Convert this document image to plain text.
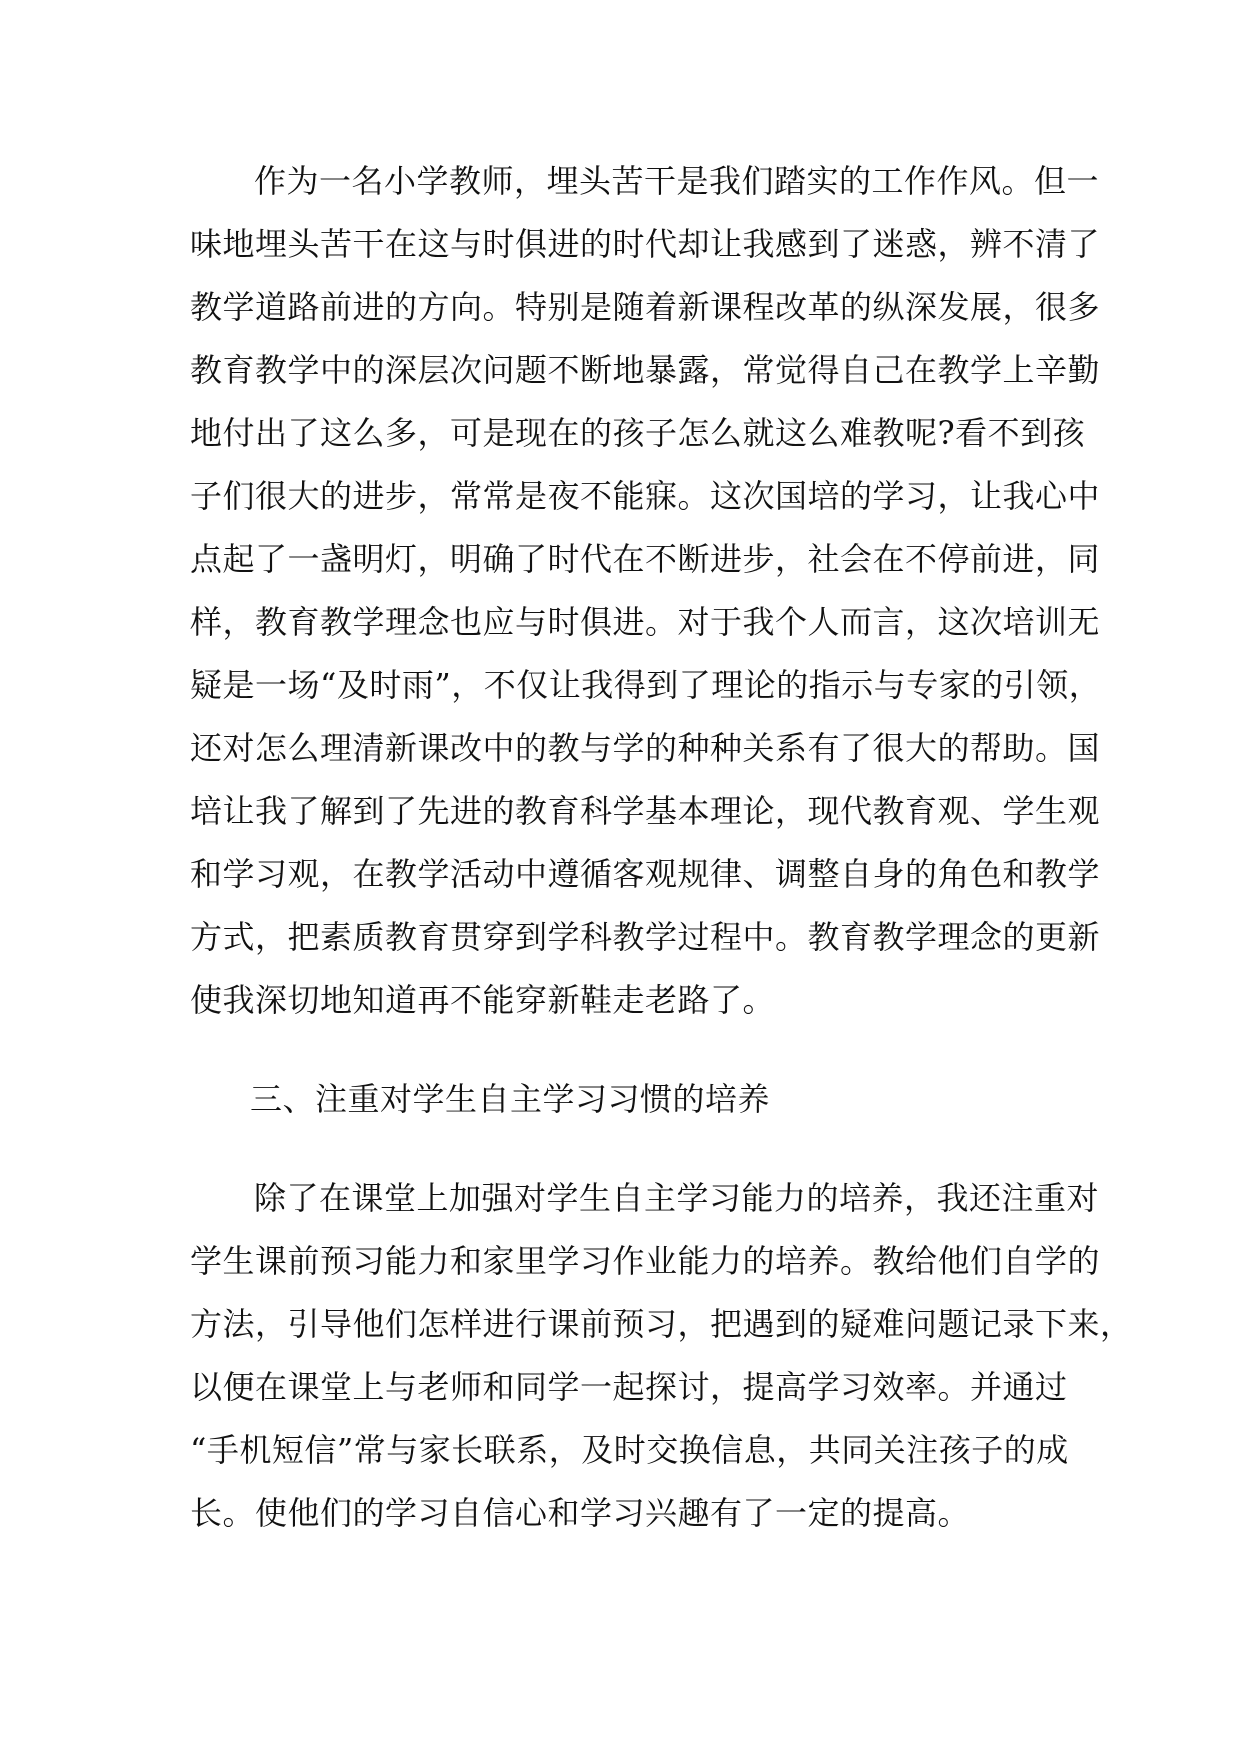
作为一名小学教师，埋头苦干是我们踏实的工作作风。但一
味地埋头苦干在这与时俱进的时代却让我感到了迷惑，辨不清了
教学道路前进的方向。特别是随着新课程改革的纵深发展，很多
教育教学中的深层次问题不断地暴露，常觉得自己在教学上辛勤
地付出了这么多，可是现在的孩子怎么就这么难教呢?看不到孩
子们很大的进步，常常是夜不能寐。这次国培的学习，让我心中
点起了一盏明灯，明确了时代在不断进步，社会在不停前进，同
样，教育教学理念也应与时俱进。对于我个人而言，这次培训无
疑是一场“及时雨”，不仅让我得到了理论的指示与专家的引领，
还对怎么理清新课改中的教与学的种种关系有了很大的帮助。国
培让我了解到了先进的教育科学基本理论，现代教育观、学生观
和学习观，在教学活动中遵循客观规律、调整自身的角色和教学
方式，把素质教育贯穿到学科教学过程中。教育教学理念的更新
使我深切地知道再不能穿新鞋走老路了。
三、注重对学生自主学习习惯的培养
除了在课堂上加强对学生自主学习能力的培养，我还注重对
学生课前预习能力和家里学习作业能力的培养。教给他们自学的
方法，引导他们怎样进行课前预习，把遇到的疑难问题记录下来，
以便在课堂上与老师和同学一起探讨，提高学习效率。并通过
“手机短信”常与家长联系，及时交换信息，共同关注孩子的成
长。使他们的学习自信心和学习兴趣有了一定的提高。
